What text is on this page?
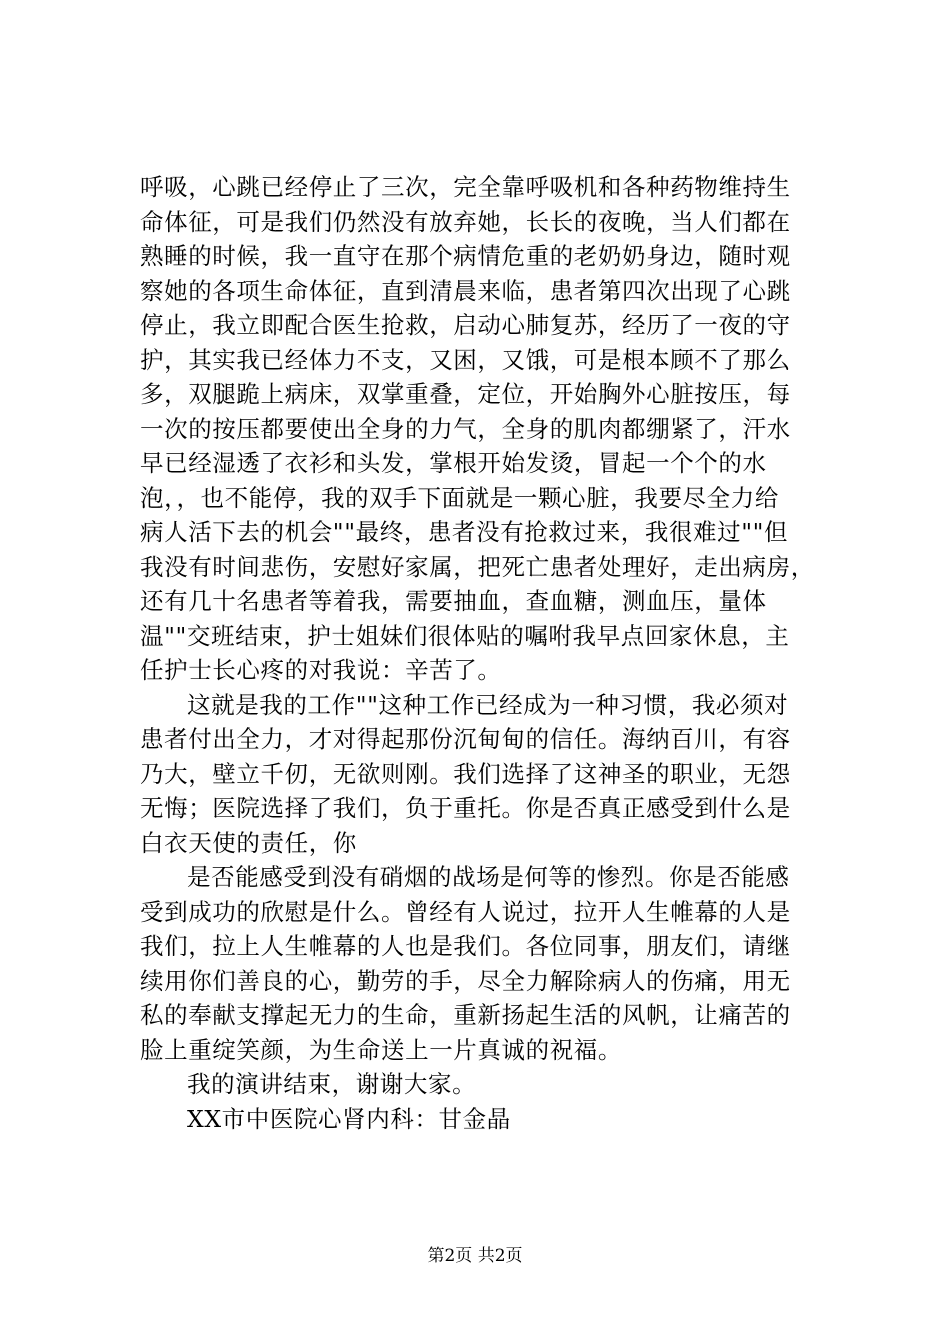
呼吸，心跳已经停止了三次，完全靠呼吸机和各种药物维持生
命体征，可是我们仍然没有放弃她，长长的夜晚，当人们都在
熟睡的时候，我一直守在那个病情危重的老奶奶身边，随时观
察她的各项生命体征，直到清晨来临，患者第四次出现了心跳
停止，我立即配合医生抢救，启动心肺复苏，经历了一夜的守
护，其实我已经体力不支，又困，又饿，可是根本顾不了那么
多，双腿跪上病床，双掌重叠，定位，开始胸外心脏按压，每
一次的按压都要使出全身的力气，全身的肌肉都绷紧了，汗水
早已经湿透了衣衫和头发，掌根开始发烫，冒起一个个的水
泡，，也不能停，我的双手下面就是一颗心脏，我要尽全力给
病人活下去的机会""最终，患者没有抢救过来，我很难过""但
我没有时间悲伤，安慰好家属，把死亡患者处理好，走出病房，
还有几十名患者等着我，需要抽血，查血糖，测血压，量体
温""交班结束，护士姐妹们很体贴的嘱咐我早点回家休息，主
任护士长心疼的对我说：辛苦了。
这就是我的工作""这种工作已经成为一种习惯，我必须对
患者付出全力，才对得起那份沉甸甸的信任。海纳百川，有容
乃大，壁立千仞，无欲则刚。我们选择了这神圣的职业，无怨
无悔；医院选择了我们，负于重托。你是否真正感受到什么是
白衣天使的责任，你
是否能感受到没有硝烟的战场是何等的惨烈。你是否能感
受到成功的欣慰是什么。曾经有人说过，拉开人生帷幕的人是
我们，拉上人生帷幕的人也是我们。各位同事，朋友们，请继
续用你们善良的心，勤劳的手，尽全力解除病人的伤痛，用无
私的奉献支撑起无力的生命，重新扬起生活的风帆，让痛苦的
脸上重绽笑颜，为生命送上一片真诚的祝福。
我的演讲结束，谢谢大家。
XX市中医院心肾内科：甘金晶
第2页 共2页
